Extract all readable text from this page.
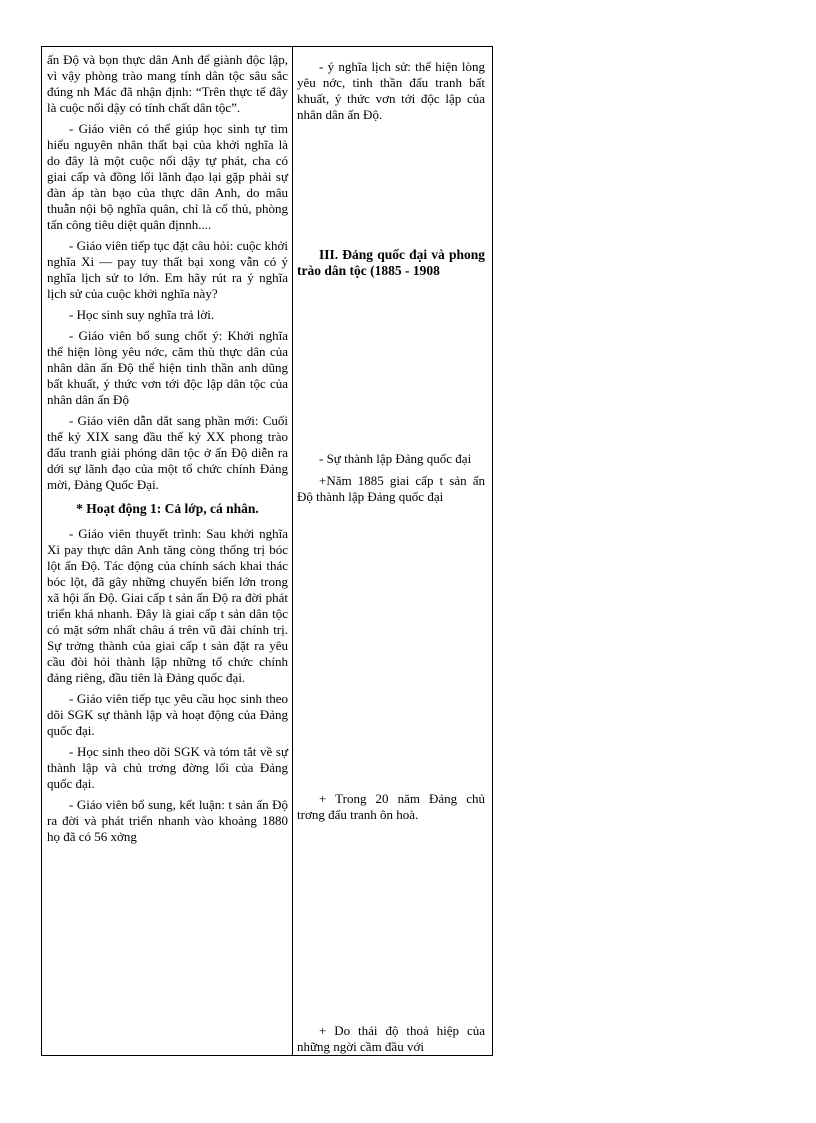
ấn Độ và bọn thực dân Anh để giành độc lập, vì vậy phòng trào mang tính dân tộc sâu sắc đúng nh Mác đã nhận định: “Trên thực tế đây là cuộc nổi dậy có tính chất dân tộc”.

- Giáo viên có thể giúp học sinh tự tìm hiểu nguyên nhân thất bại của khởi nghĩa là do đây là một cuộc nổi dậy tự phát, cha có giai cấp và đồng lối lãnh đạo lại gặp phải sự đàn áp tàn bạo của thực dân Anh, do mâu thuẫn nội bộ nghĩa quân, chỉ là cố thủ, phòng tấn công tiêu diệt quân địnnh....

- Giáo viên tiếp tục đặt câu hỏi: cuộc khởi nghĩa Xi — pay tuy thất bại xong vẫn có ý nghĩa lịch sử to lớn. Em hãy rút ra ý nghĩa lịch sử của cuộc khởi nghĩa này?

- Học sinh suy nghĩa trả lời.

- Giáo viên bổ sung chốt ý: Khởi nghĩa thể hiện lòng yêu nớc, căm thù thực dân của nhân dân ấn Độ thể hiện tinh thần anh dũng bất khuất, ý thức vơn tới độc lập dân tộc của nhân dân ấn Độ

- Giáo viên dẫn dắt sang phần mới: Cuối thế kỷ XIX sang đầu thế kỷ XX phong trào đấu tranh giải phóng dân tộc ở ấn Độ diễn ra dới sự lãnh đạo của một tổ chức chính Đảng mời, Đảng Quốc Đại.

* Hoạt động 1: Cả lớp, cá nhân.

- Giáo viên thuyết trình: Sau khởi nghĩa Xi pay thực dân Anh tăng còng thống trị bóc lột ấn Độ. Tác động của chính sách khai thác bóc lột, đã gây những chuyển biến lớn trong xã hội ấn Độ. Giai cấp t sản ấn Độ ra đời phát triển khá nhanh. Đây là giai cấp t sản dân tộc có mặt sớm nhất châu á trên vũ đài chính trị. Sự trởng thành của giai cấp t sản đặt ra yêu cầu đòi hỏi thành lập những tổ chức chính đảng riêng, đầu tiên là Đảng quốc đại.

- Giáo viên tiếp tục yêu cầu học sinh theo dõi SGK sự thành lập và hoạt động của Đảng quốc đại.

- Học sinh theo dõi SGK và tóm tắt về sự thành lập và chủ trơng đờng lối của Đảng quốc đại.

- Giáo viên bổ sung, kết luận: t sản ấn Độ ra đời và phát triển nhanh vào khoảng 1880 họ đã có 56 xởng

- ý nghĩa lịch sử: thể hiện lòng yêu nớc, tinh thần đấu tranh bất khuất, ý thức vơn tới độc lập của nhân dân ấn Độ.

III. Đảng quốc đại và phong trào dân tộc (1885 - 1908

- Sự thành lập Đảng quốc đại

+Năm 1885 giai cấp t sản ấn Độ thành lập Đảng quốc đại

+ Trong 20 năm Đảng chủ trơng đấu tranh ôn hoà.

+ Do thái độ thoả hiệp của những ngời cầm đầu với
